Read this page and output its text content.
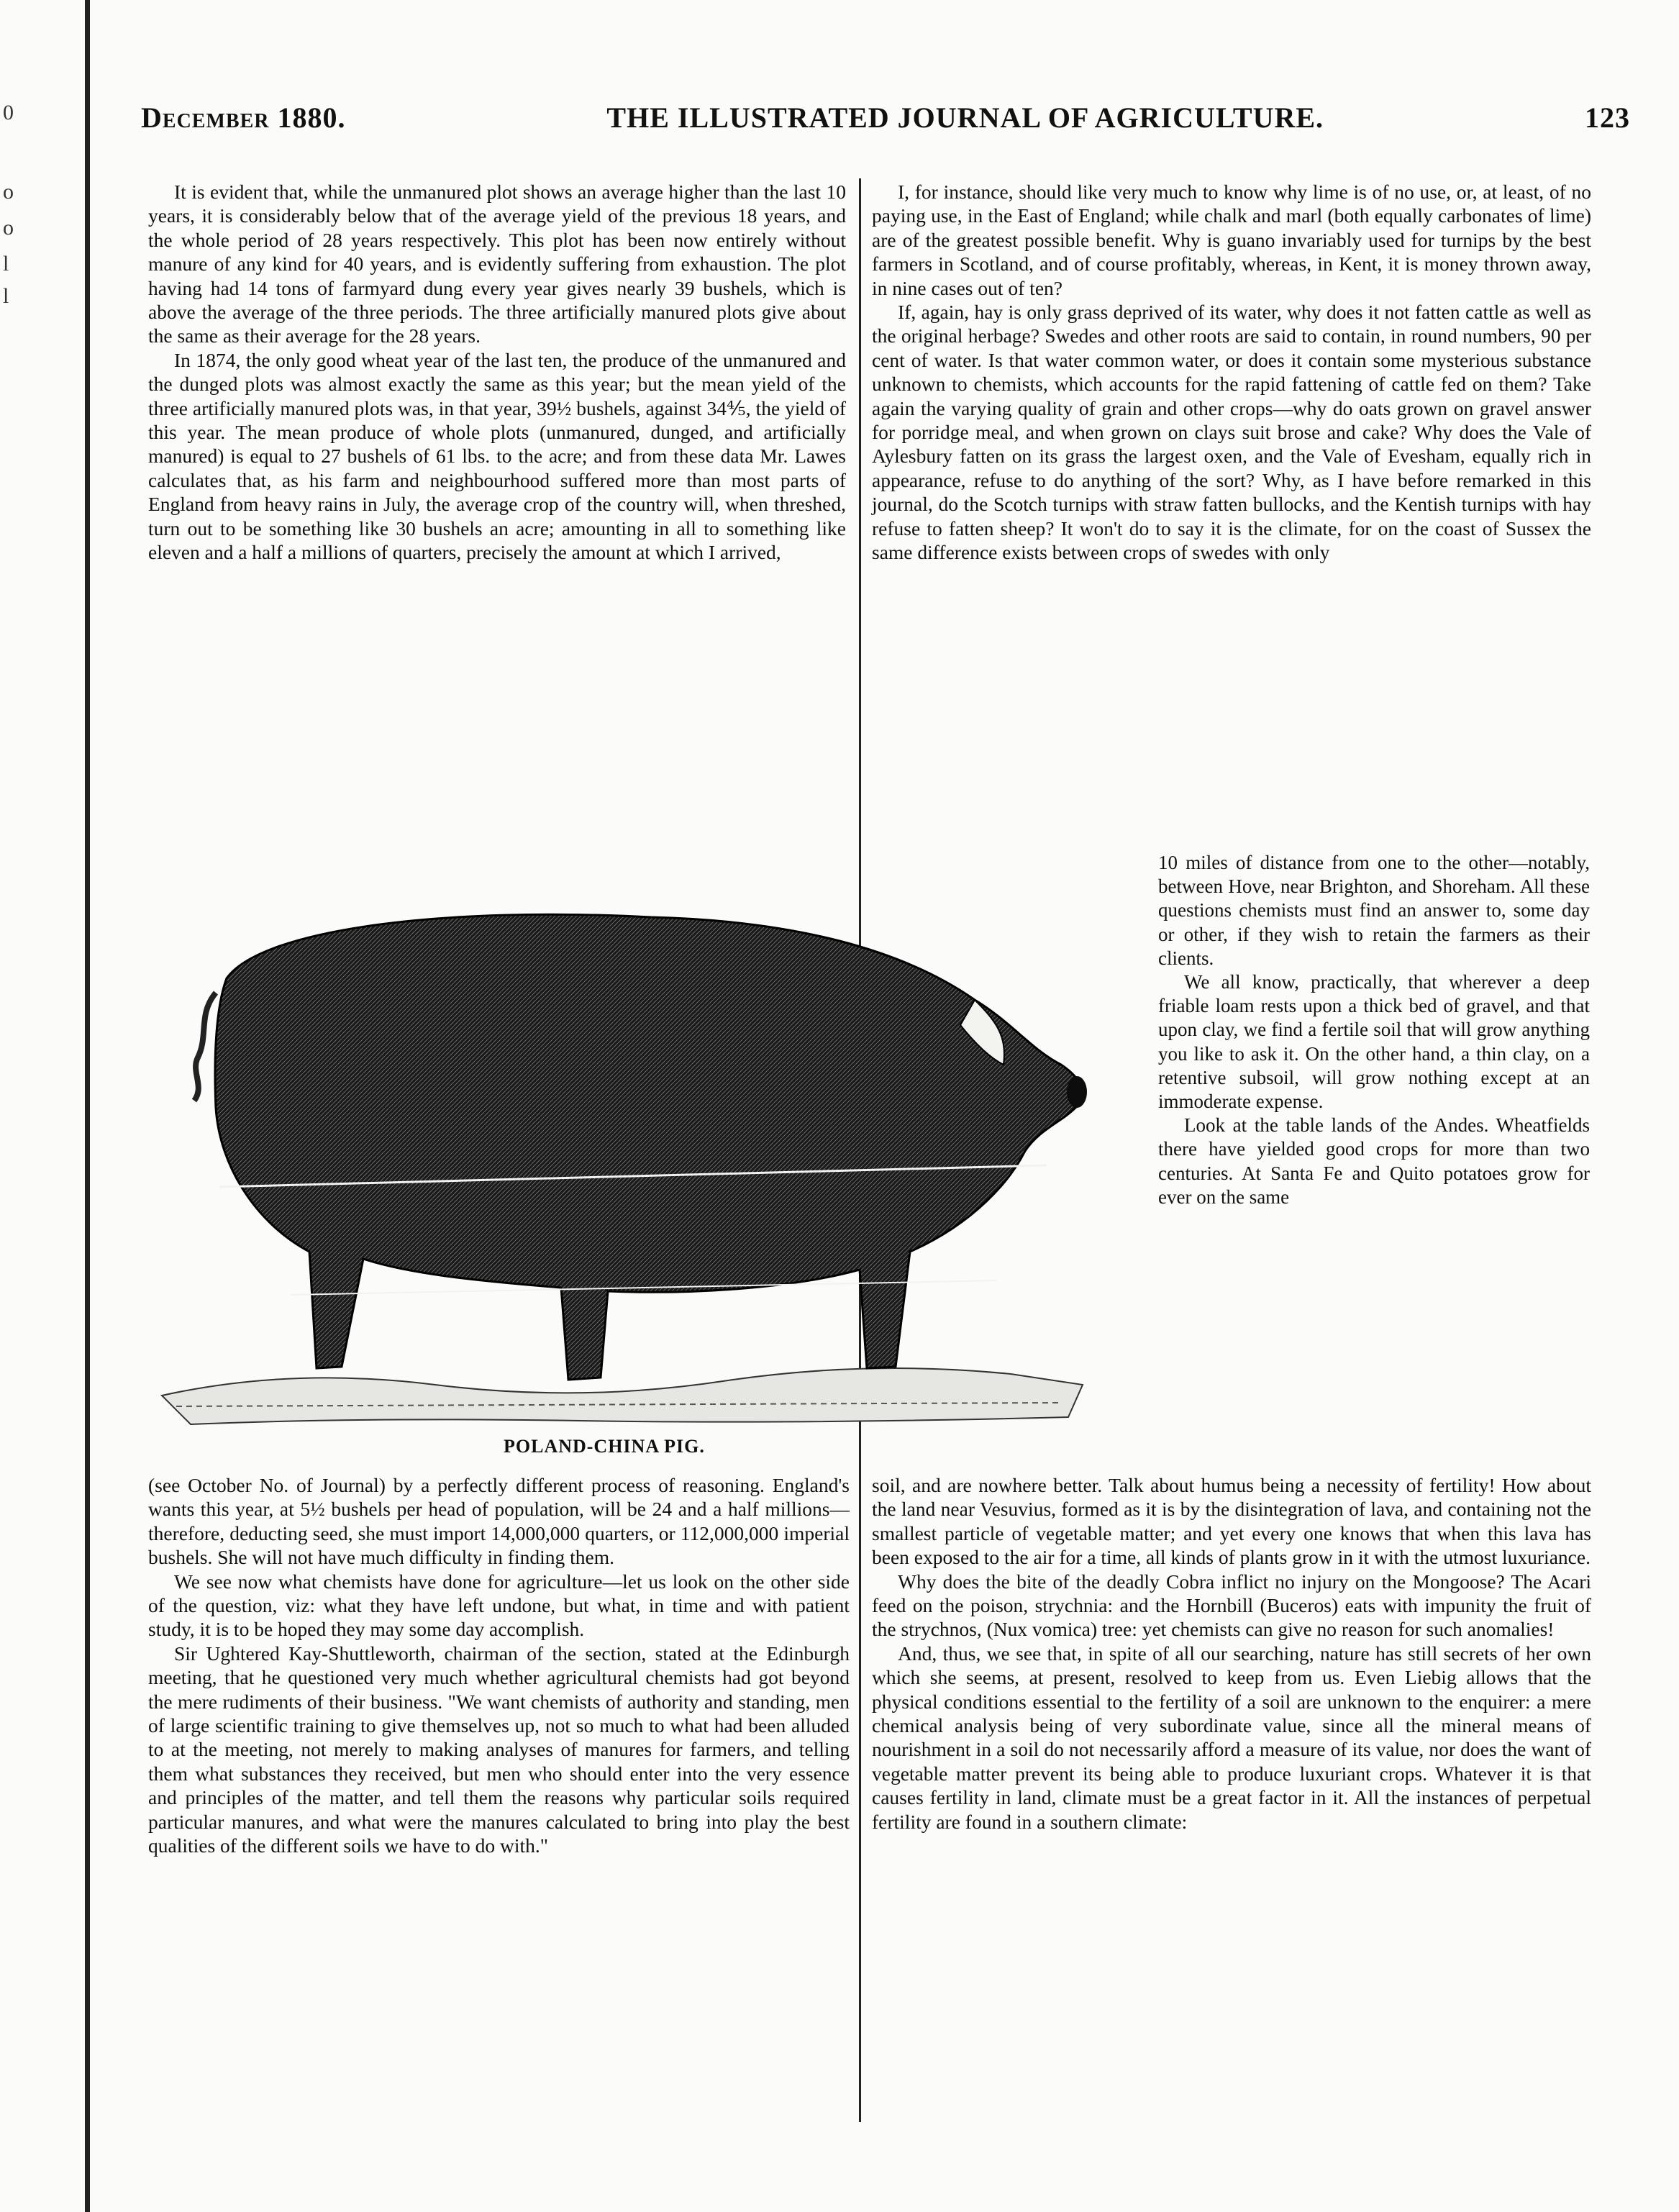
0
o
o
l
l
December 1880.	THE ILLUSTRATED JOURNAL OF AGRICULTURE.	123

It is evident that, while the unmanured plot shows an average higher than the last 10 years, it is considerably below that of the average yield of the previous 18 years, and the whole period of 28 years respectively. This plot has been now entirely without manure of any kind for 40 years, and is evidently suffering from exhaustion. The plot having had 14 tons of farmyard dung every year gives nearly 39 bushels, which is above the average of the three periods. The three artificially manured plots give about the same as their average for the 28 years.

In 1874, the only good wheat year of the last ten, the produce of the unmanured and the dunged plots was almost exactly the same as this year; but the mean yield of the three artificially manured plots was, in that year, 39½ bushels, against 34⅘, the yield of this year. The mean produce of whole plots (unmanured, dunged, and artificially manured) is equal to 27 bushels of 61 lbs. to the acre; and from these data Mr. Lawes calculates that, as his farm and neighbourhood suffered more than most parts of England from heavy rains in July, the average crop of the country will, when threshed, turn out to be something like 30 bushels an acre; amounting in all to something like eleven and a half a millions of quarters, precisely the amount at which I arrived,

I, for instance, should like very much to know why lime is of no use, or, at least, of no paying use, in the East of England; while chalk and marl (both equally carbonates of lime) are of the greatest possible benefit. Why is guano invariably used for turnips by the best farmers in Scotland, and of course profitably, whereas, in Kent, it is money thrown away, in nine cases out of ten?

If, again, hay is only grass deprived of its water, why does it not fatten cattle as well as the original herbage? Swedes and other roots are said to contain, in round numbers, 90 per cent of water. Is that water common water, or does it contain some mysterious substance unknown to chemists, which accounts for the rapid fattening of cattle fed on them? Take again the varying quality of grain and other crops—why do oats grown on gravel answer for porridge meal, and when grown on clays suit brose and cake? Why does the Vale of Aylesbury fatten on its grass the largest oxen, and the Vale of Evesham, equally rich in appearance, refuse to do anything of the sort? Why, as I have before remarked in this journal, do the Scotch turnips with straw fatten bullocks, and the Kentish turnips with hay refuse to fatten sheep? It won't do to say it is the climate, for on the coast of Sussex the same difference exists between crops of swedes with only

10 miles of distance from one to the other—notably, between Hove, near Brighton, and Shoreham. All these questions chemists must find an answer to, some day or other, if they wish to retain the farmers as their clients.

We all know, practically, that wherever a deep friable loam rests upon a thick bed of gravel, and that upon clay, we find a fertile soil that will grow anything you like to ask it. On the other hand, a thin clay, on a retentive subsoil, will grow nothing except at an immoderate expense.

Look at the table lands of the Andes. Wheatfields there have yielded good crops for more than two centuries. At Santa Fe and Quito potatoes grow for ever on the same

POLAND-CHINA PIG.

(see October No. of Journal) by a perfectly different process of reasoning. England's wants this year, at 5½ bushels per head of population, will be 24 and a half millions—therefore, deducting seed, she must import 14,000,000 quarters, or 112,000,000 imperial bushels. She will not have much difficulty in finding them.

We see now what chemists have done for agriculture—let us look on the other side of the question, viz: what they have left undone, but what, in time and with patient study, it is to be hoped they may some day accomplish.

Sir Ughtered Kay-Shuttleworth, chairman of the section, stated at the Edinburgh meeting, that he questioned very much whether agricultural chemists had got beyond the mere rudiments of their business. "We want chemists of authority and standing, men of large scientific training to give themselves up, not so much to what had been alluded to at the meeting, not merely to making analyses of manures for farmers, and telling them what substances they received, but men who should enter into the very essence and principles of the matter, and tell them the reasons why particular soils required particular manures, and what were the manures calculated to bring into play the best qualities of the different soils we have to do with."

soil, and are nowhere better. Talk about humus being a necessity of fertility! How about the land near Vesuvius, formed as it is by the disintegration of lava, and containing not the smallest particle of vegetable matter; and yet every one knows that when this lava has been exposed to the air for a time, all kinds of plants grow in it with the utmost luxuriance.

Why does the bite of the deadly Cobra inflict no injury on the Mongoose? The Acari feed on the poison, strychnia: and the Hornbill (Buceros) eats with impunity the fruit of the strychnos, (Nux vomica) tree: yet chemists can give no reason for such anomalies!

And, thus, we see that, in spite of all our searching, nature has still secrets of her own which she seems, at present, resolved to keep from us. Even Liebig allows that the physical conditions essential to the fertility of a soil are unknown to the enquirer: a mere chemical analysis being of very subordinate value, since all the mineral means of nourishment in a soil do not necessarily afford a measure of its value, nor does the want of vegetable matter prevent its being able to produce luxuriant crops. Whatever it is that causes fertility in land, climate must be a great factor in it. All the instances of perpetual fertility are found in a southern climate:
